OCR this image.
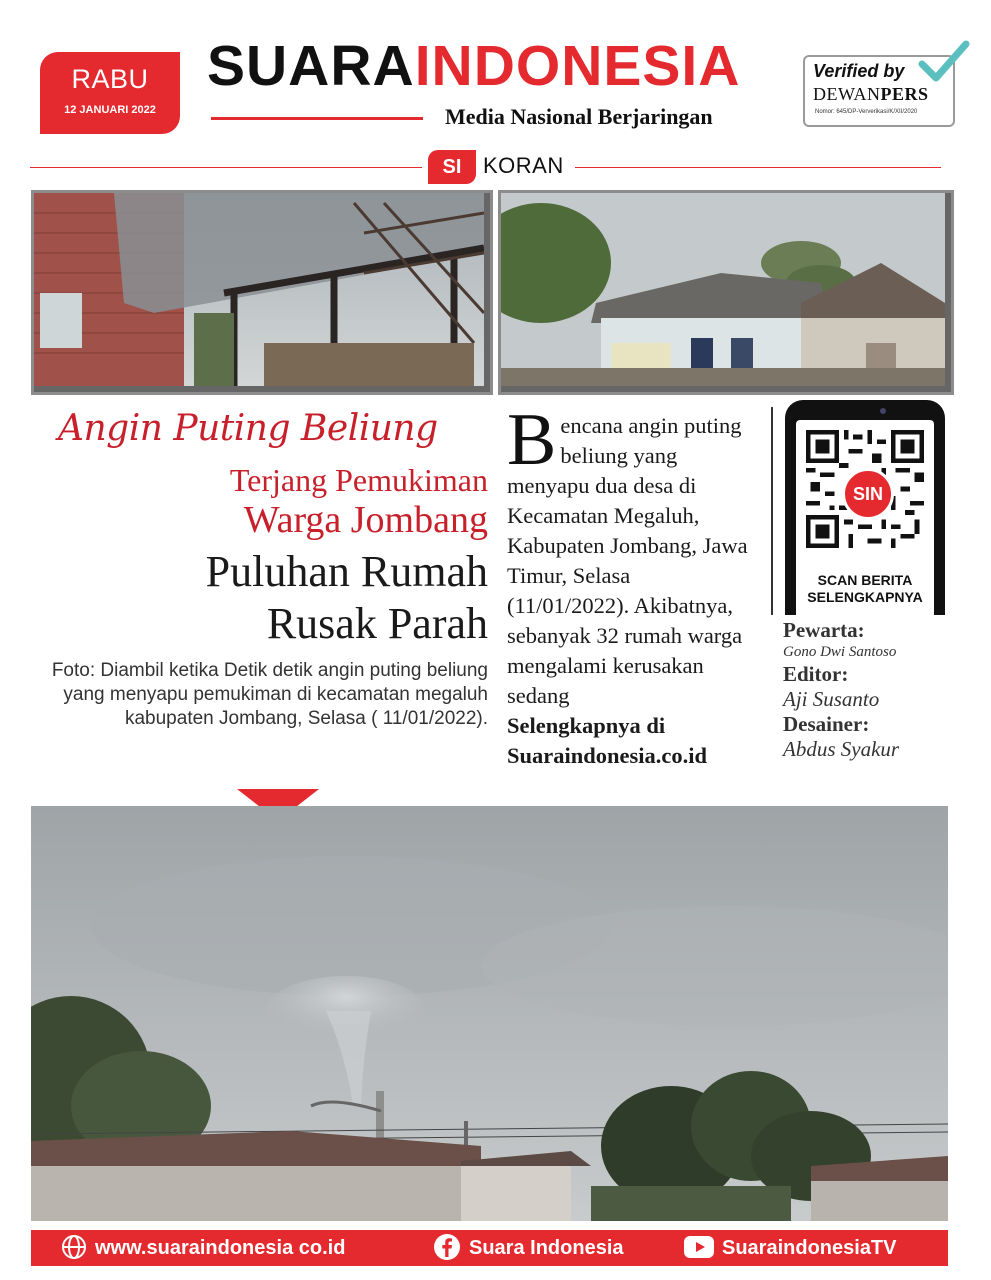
RABU
12 JANUARI 2022
SUARAINDONESIA
Media Nasional Berjaringan
Verified by
DEWANPERS
Nomor: 645/DP-Ververikasi/K/XII/2020
SI KORAN
Angin Puting Beliung
Terjang Pemukiman
Warga Jombang
Puluhan Rumah
Rusak Parah
Foto: Diambil ketika Detik detik angin puting beliung yang menyapu pemukiman di kecamatan megaluh kabupaten Jombang, Selasa ( 11/01/2022).
Bencana angin puting beliung yang menyapu dua desa di Kecamatan Megaluh, Kabupaten Jombang, Jawa Timur, Selasa (11/01/2022). Akibatnya, sebanyak 32 rumah warga mengalami kerusakan sedang
Selengkapnya di
Suaraindonesia.co.id
SIN
SCAN BERITA
SELENGKAPNYA
Pewarta:
Gono Dwi Santoso
Editor:
Aji Susanto
Desainer:
Abdus Syakur
www.suaraindonesia co.id	Suara Indonesia	SuaraindonesiaTV
